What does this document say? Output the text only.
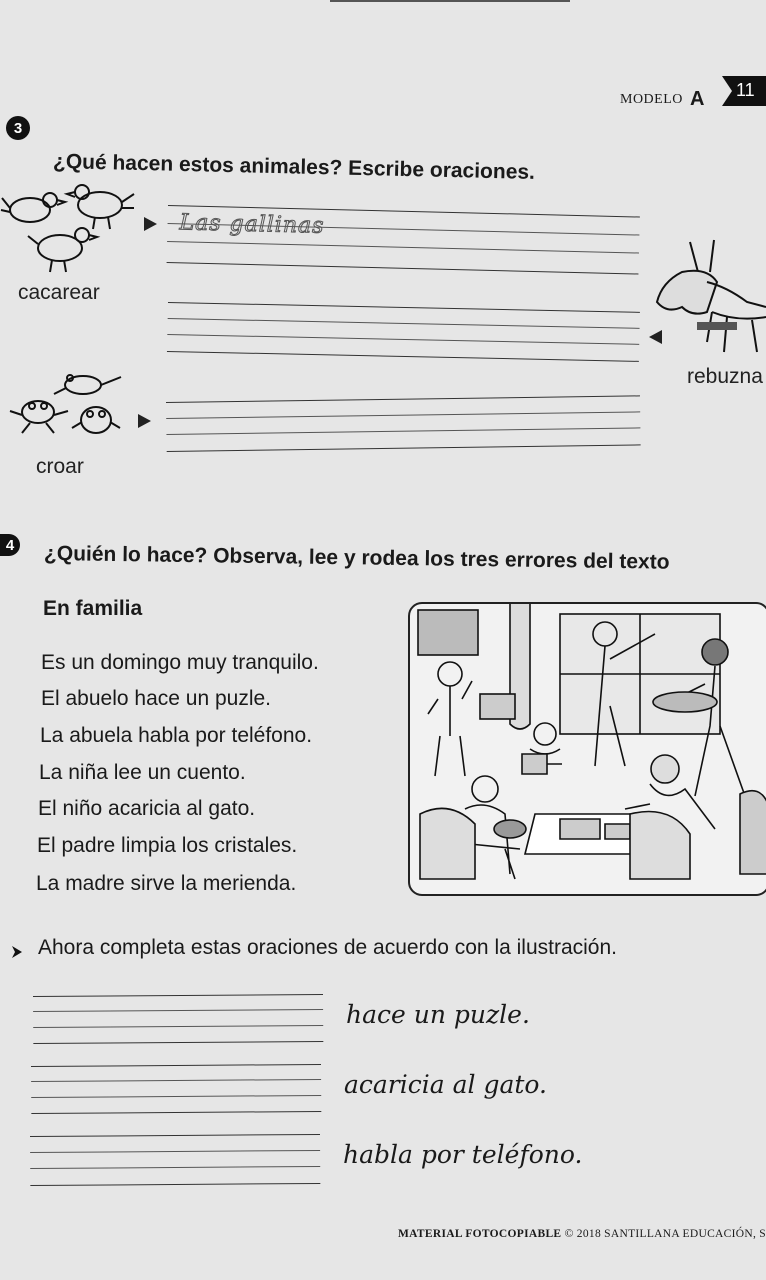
MODELO A 11
3
¿Qué hacen estos animales? Escribe oraciones.
cacarear
Las gallinas
rebuzna
croar
4 ¿Quién lo hace? Observa, lee y rodea los tres errores del texto
En familia
Es un domingo muy tranquilo.
El abuelo hace un puzle.
La abuela habla por teléfono.
La niña lee un cuento.
El niño acaricia al gato.
El padre limpia los cristales.
La madre sirve la merienda.
Ahora completa estas oraciones de acuerdo con la ilustración.
hace un puzle.
acaricia al gato.
habla por teléfono.
MATERIAL FOTOCOPIABLE © 2018 SANTILLANA EDUCACIÓN, S
